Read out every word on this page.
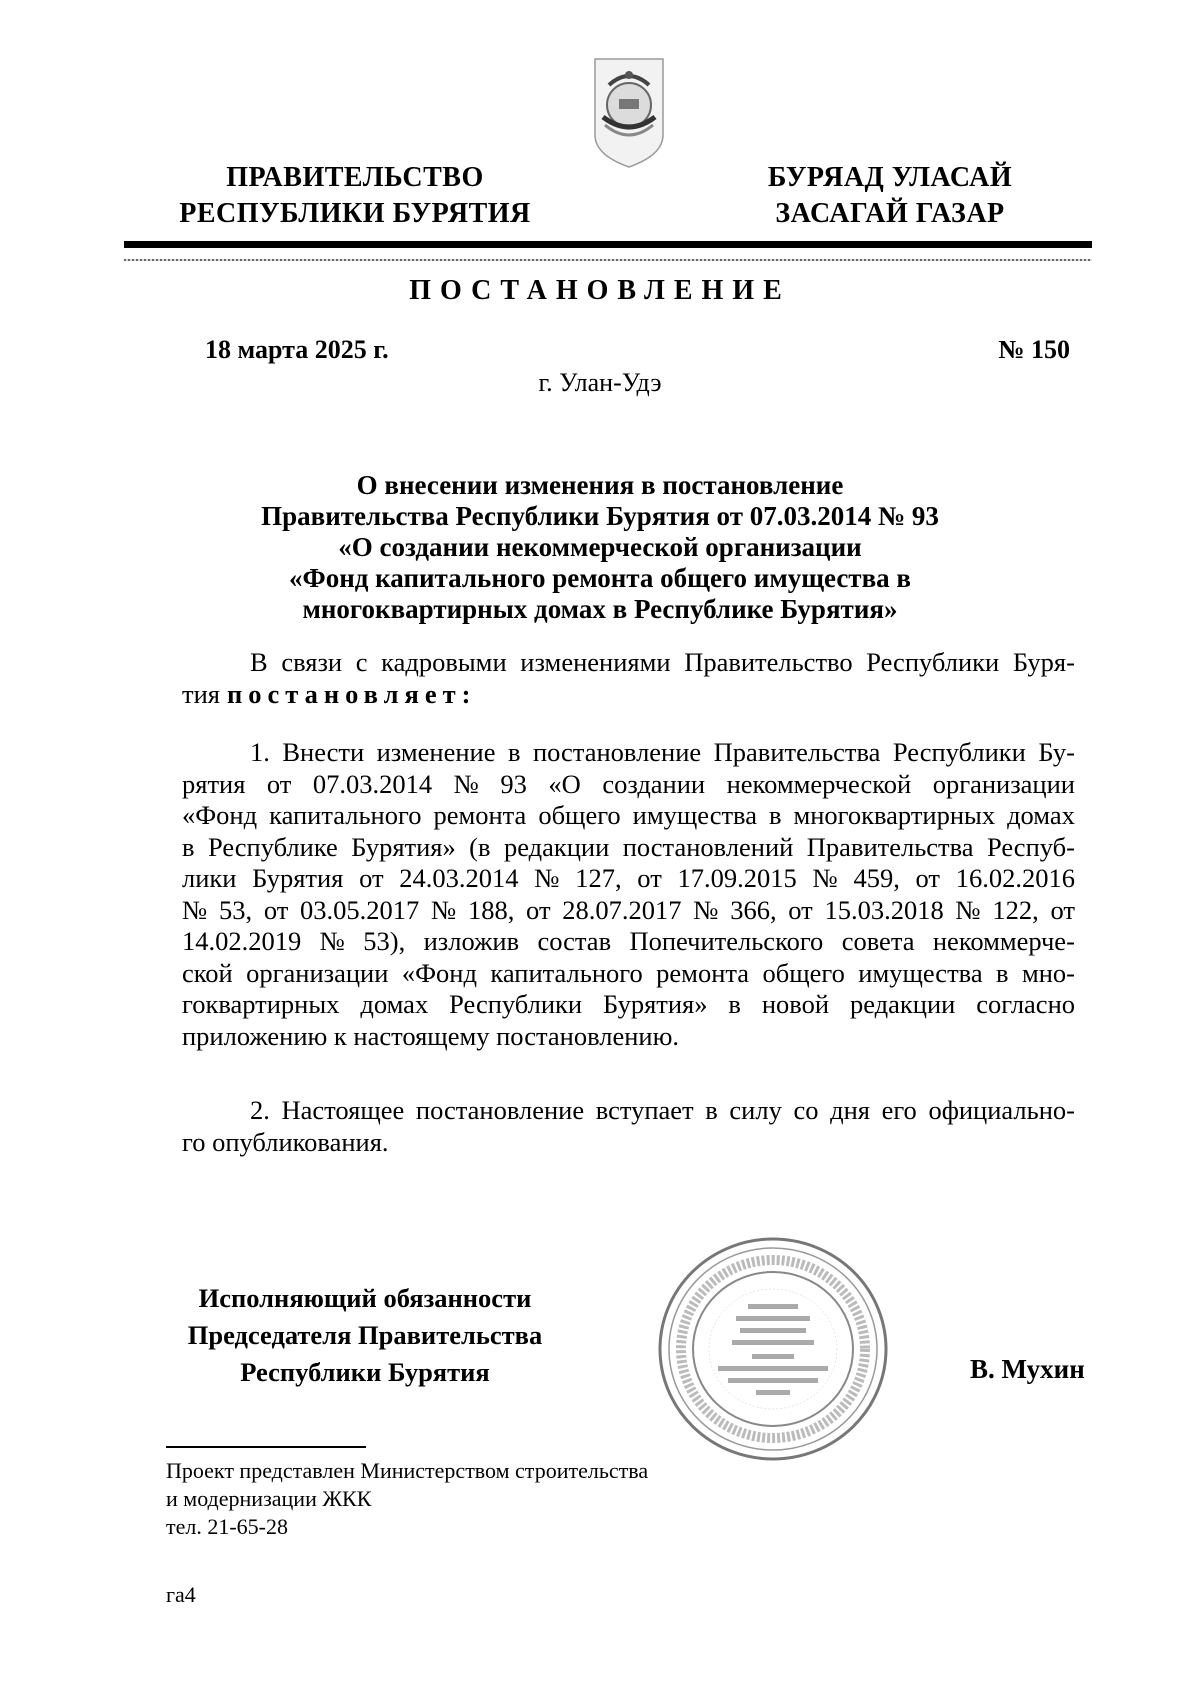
ПРАВИТЕЛЬСТВО
РЕСПУБЛИКИ БУРЯТИЯ
БУРЯАД УЛАСАЙ
ЗАСАГАЙ ГАЗАР
ПОСТАНОВЛЕНИЕ
18 марта 2025 г.	№ 150
г. Улан-Удэ
О внесении изменения в постановление
Правительства Республики Бурятия от 07.03.2014 № 93
«О создании некоммерческой организации
«Фонд капитального ремонта общего имущества в
многоквартирных домах в Республике Бурятия»
В связи с кадровыми изменениями Правительство Республики Буря-
тия постановляет:
1. Внести изменение в постановление Правительства Республики Бу-
рятия от 07.03.2014 № 93 «О создании некоммерческой организации
«Фонд капитального ремонта общего имущества в многоквартирных домах
в Республике Бурятия» (в редакции постановлений Правительства Респуб-
лики Бурятия от 24.03.2014 № 127, от 17.09.2015 № 459, от 16.02.2016
№ 53, от 03.05.2017 № 188, от 28.07.2017 № 366, от 15.03.2018 № 122, от
14.02.2019 № 53), изложив состав Попечительского совета некоммерче-
ской организации «Фонд капитального ремонта общего имущества в мно-
гоквартирных домах Республики Бурятия» в новой редакции согласно
приложению к настоящему постановлению.
2. Настоящее постановление вступает в силу со дня его официально-
го опубликования.
Исполняющий обязанности
Председателя Правительства
Республики Бурятия	В. Мухин
Проект представлен Министерством строительства
и модернизации ЖКК
тел. 21-65-28
га4
